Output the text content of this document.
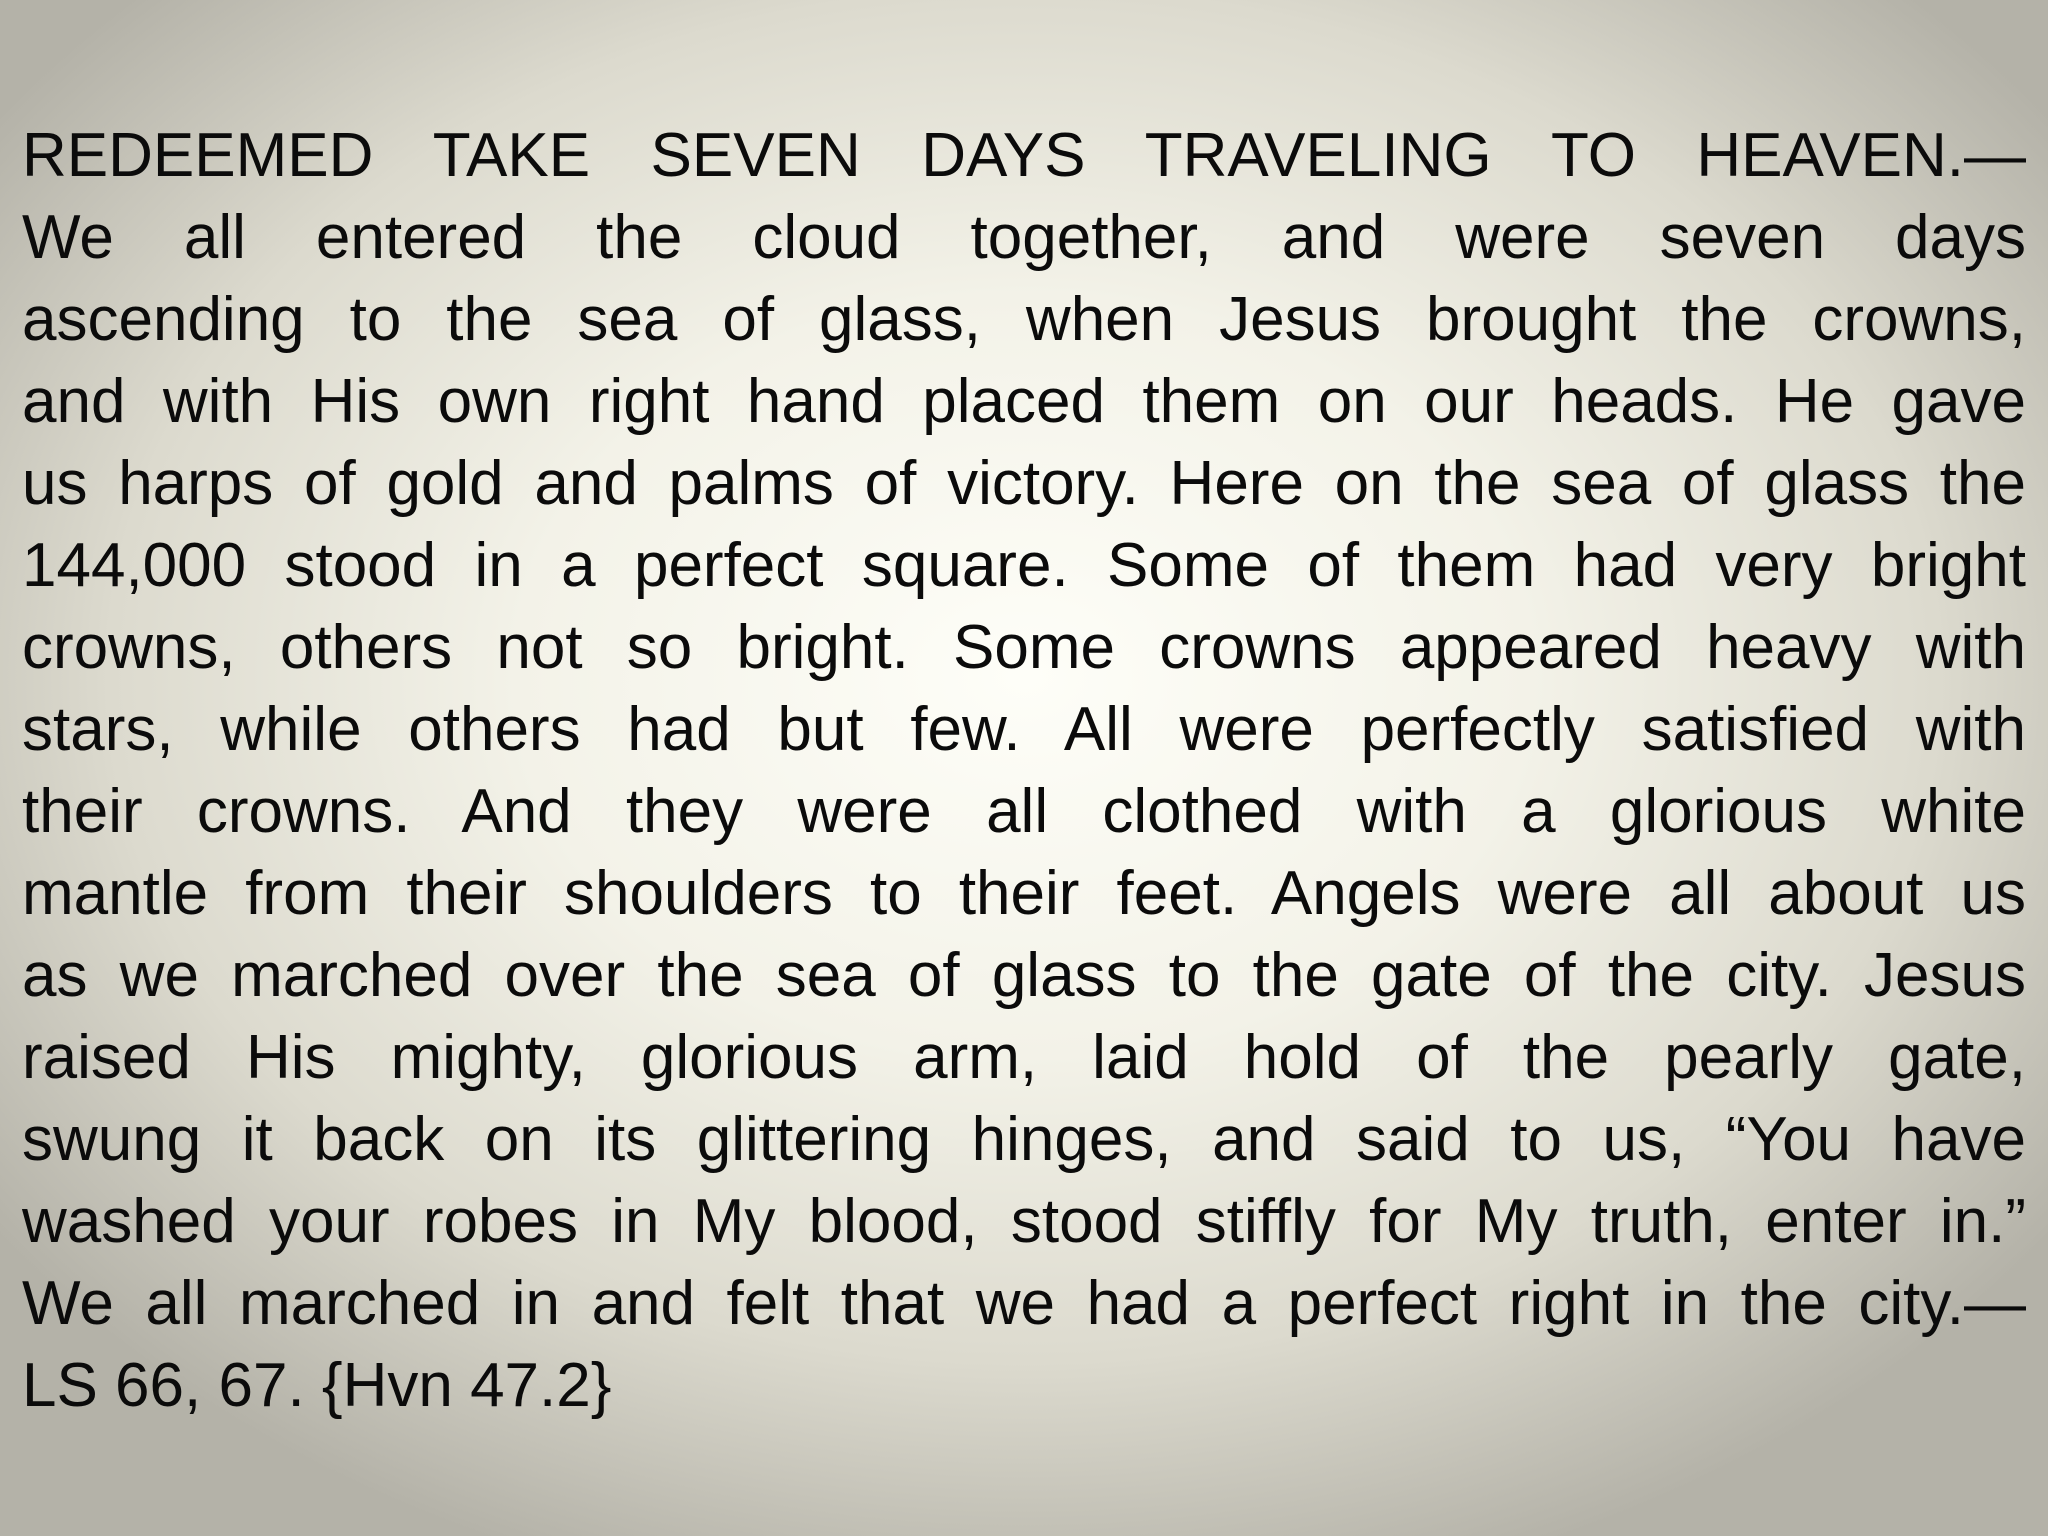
REDEEMED TAKE SEVEN DAYS TRAVELING TO HEAVEN.—
We all entered the cloud together, and were seven days
ascending to the sea of glass, when Jesus brought the crowns,
and with His own right hand placed them on our heads. He gave
us harps of gold and palms of victory. Here on the sea of glass the
144,000 stood in a perfect square. Some of them had very bright
crowns, others not so bright. Some crowns appeared heavy with
stars, while others had but few. All were perfectly satisfied with
their crowns. And they were all clothed with a glorious white
mantle from their shoulders to their feet. Angels were all about us
as we marched over the sea of glass to the gate of the city. Jesus
raised His mighty, glorious arm, laid hold of the pearly gate,
swung it back on its glittering hinges, and said to us, “You have
washed your robes in My blood, stood stiffly for My truth, enter in.”
We all marched in and felt that we had a perfect right in the city.—
LS 66, 67. {Hvn 47.2}
